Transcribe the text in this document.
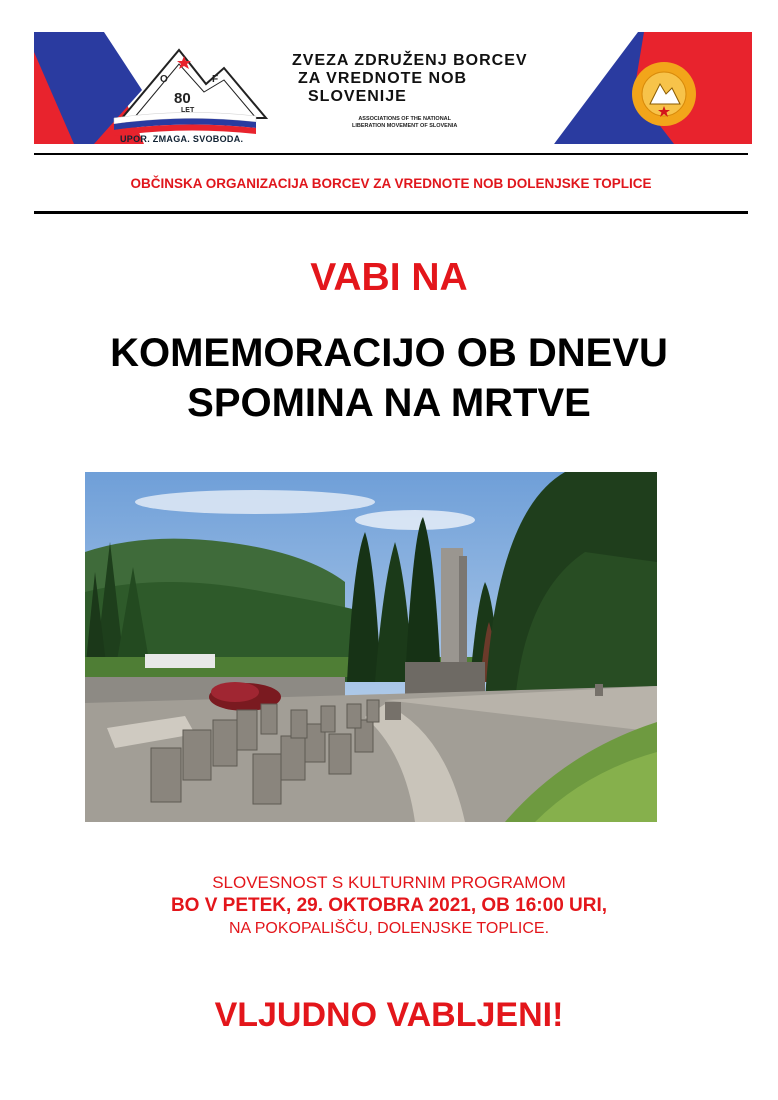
O	F
80
LET
UPOR. ZMAGA. SVOBODA.
ZVEZA ZDRUŽENJ BORCEV
ZA VREDNOTE NOB
SLOVENIJE
ASSOCIATIONS OF THE NATIONAL
LIBERATION MOVEMENT OF SLOVENIA
OBČINSKA ORGANIZACIJA BORCEV ZA VREDNOTE NOB DOLENJSKE TOPLICE
VABI NA
KOMEMORACIJO OB DNEVU
SPOMINA NA MRTVE
SLOVESNOST S KULTURNIM PROGRAMOM
BO V PETEK, 29. OKTOBRA 2021, OB 16:00 URI,
NA POKOPALIŠČU, DOLENJSKE TOPLICE.
VLJUDNO VABLJENI!
